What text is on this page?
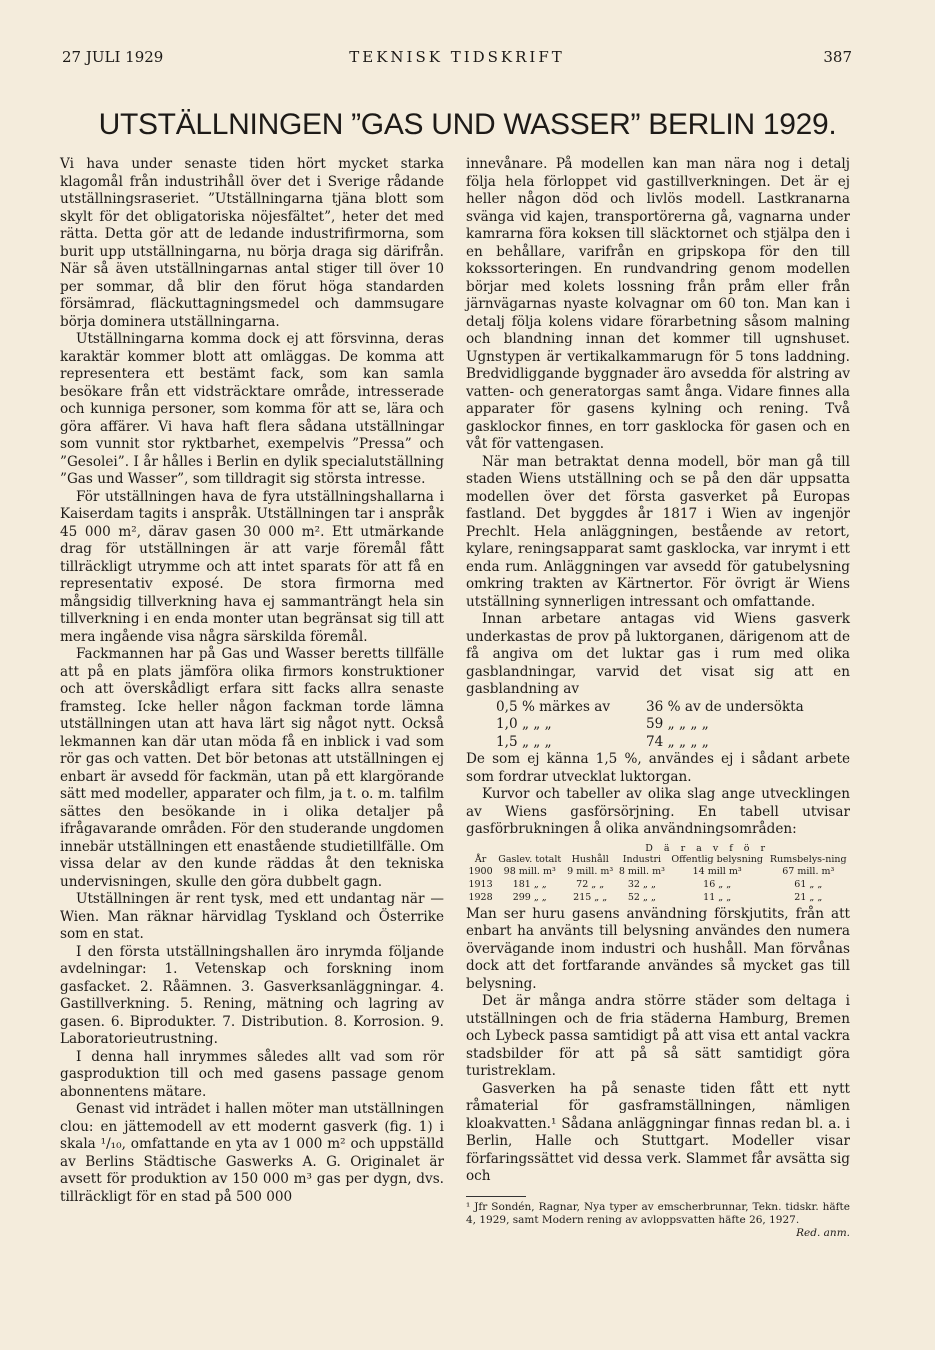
27 JULI 1929	TEKNISK TIDSKRIFT	387
UTSTÄLLNINGEN ”GAS UND WASSER” BERLIN 1929.

Vi hava under senaste tiden hört mycket starka klagomål från industrihåll över det i Sverige rådande utställningsraseriet. ”Utställningarna tjäna blott som skylt för det obligatoriska nöjesfältet”, heter det med rätta. Detta gör att de ledande industrifirmorna, som burit upp utställningarna, nu börja draga sig därifrån. När så även utställningarnas antal stiger till över 10 per sommar, då blir den förut höga standarden försämrad, fläckuttagningsmedel och dammsugare börja dominera utställningarna.

Utställningarna komma dock ej att försvinna, deras karaktär kommer blott att omläggas. De komma att representera ett bestämt fack, som kan samla besökare från ett vidsträcktare område, intresserade och kunniga personer, som komma för att se, lära och göra affärer. Vi hava haft flera sådana utställningar som vunnit stor ryktbarhet, exempelvis ”Pressa” och ”Gesolei”. I år hålles i Berlin en dylik specialutställning ”Gas und Wasser”, som tilldragit sig största intresse.

För utställningen hava de fyra utställningshallarna i Kaiserdam tagits i anspråk. Utställningen tar i anspråk 45 000 m², därav gasen 30 000 m². Ett utmärkande drag för utställningen är att varje föremål fått tillräckligt utrymme och att intet sparats för att få en representativ exposé. De stora firmorna med mångsidig tillverkning hava ej sammanträngt hela sin tillverkning i en enda monter utan begränsat sig till att mera ingående visa några särskilda föremål.

Fackmannen har på Gas und Wasser beretts tillfälle att på en plats jämföra olika firmors konstruktioner och att överskådligt erfara sitt facks allra senaste framsteg. Icke heller någon fackman torde lämna utställningen utan att hava lärt sig något nytt. Också lekmannen kan där utan möda få en inblick i vad som rör gas och vatten. Det bör betonas att utställningen ej enbart är avsedd för fackmän, utan på ett klargörande sätt med modeller, apparater och film, ja t. o. m. talfilm sättes den besökande in i olika detaljer på ifrågavarande områden. För den studerande ungdomen innebär utställningen ett enastående studietillfälle. Om vissa delar av den kunde räddas åt den tekniska undervisningen, skulle den göra dubbelt gagn.

Utställningen är rent tysk, med ett undantag när — Wien. Man räknar härvidlag Tyskland och Österrike som en stat.

I den första utställningshallen äro inrymda följande avdelningar: 1. Vetenskap och forskning inom gasfacket. 2. Råämnen. 3. Gasverksanläggningar. 4. Gastillverkning. 5. Rening, mätning och lagring av gasen. 6. Biprodukter. 7. Distribution. 8. Korrosion. 9. Laboratorieutrustning.

I denna hall inrymmes således allt vad som rör gasproduktion till och med gasens passage genom abonnentens mätare.

Genast vid inträdet i hallen möter man utställningen clou: en jättemodell av ett modernt gasverk (fig. 1) i skala ¹/₁₀, omfattande en yta av 1 000 m² och uppställd av Berlins Städtische Gaswerks A. G. Originalet är avsett för produktion av 150 000 m³ gas per dygn, dvs. tillräckligt för en stad på 500 000

innevånare. På modellen kan man nära nog i detalj följa hela förloppet vid gastillverkningen. Det är ej heller någon död och livlös modell. Lastkranarna svänga vid kajen, transportörerna gå, vagnarna under kamrarna föra koksen till släcktornet och stjälpa den i en behållare, varifrån en gripskopa för den till kokssorteringen. En rundvandring genom modellen börjar med kolets lossning från pråm eller från järnvägarnas nyaste kolvagnar om 60 ton. Man kan i detalj följa kolens vidare förarbetning såsom malning och blandning innan det kommer till ugnshuset. Ugnstypen är vertikalkammarugn för 5 tons laddning. Bredvidliggande byggnader äro avsedda för alstring av vatten- och generatorgas samt ånga. Vidare finnes alla apparater för gasens kylning och rening. Två gasklockor finnes, en torr gasklocka för gasen och en våt för vattengasen.

När man betraktat denna modell, bör man gå till staden Wiens utställning och se på den där uppsatta modellen över det första gasverket på Europas fastland. Det byggdes år 1817 i Wien av ingenjör Prechlt. Hela anläggningen, bestående av retort, kylare, reningsapparat samt gasklocka, var inrymt i ett enda rum. Anläggningen var avsedd för gatubelysning omkring trakten av Kärtnertor. För övrigt är Wiens utställning synnerligen intressant och omfattande.

Innan arbetare antagas vid Wiens gasverk underkastas de prov på luktorganen, därigenom att de få angiva om det luktar gas i rum med olika gasblandningar, varvid det visat sig att en gasblandning av

0,5 % märkes av	36 % av de undersökta
1,0 „ „ „	59 „ „ „ „
1,5 „ „ „	74 „ „ „ „

De som ej känna 1,5 %, användes ej i sådant arbete som fordrar utvecklat luktorgan.

Kurvor och tabeller av olika slag ange utvecklingen av Wiens gasförsörjning. En tabell utvisar gasförbrukningen å olika användningsområden:

År	Gaslev. totalt	D ä r a v f ö r			
		Hushåll	Industri	Offentlig belysning	Rumsbelys-ning
1900	98 mill. m³	9 mill. m³	8 mill. m³	14 mill m³	67 mill. m³
1913	181 „ „	72 „ „	32 „ „	16 „ „	61 „ „
1928	299 „ „	215 „ „	52 „ „	11 „ „	21 „ „

Man ser huru gasens användning förskjutits, från att enbart ha använts till belysning användes den numera övervägande inom industri och hushåll. Man förvånas dock att det fortfarande användes så mycket gas till belysning.

Det är många andra större städer som deltaga i utställningen och de fria städerna Hamburg, Bremen och Lybeck passa samtidigt på att visa ett antal vackra stadsbilder för att på så sätt samtidigt göra turistreklam.

Gasverken ha på senaste tiden fått ett nytt råmaterial för gasframställningen, nämligen kloakvatten.¹ Sådana anläggningar finnas redan bl. a. i Berlin, Halle och Stuttgart. Modeller visar förfaringssättet vid dessa verk. Slammet får avsätta sig och

¹ Jfr Sondén, Ragnar, Nya typer av emscherbrunnar, Tekn. tidskr. häfte 4, 1929, samt Modern rening av avloppsvatten häfte 26, 1927.
Red. anm.
